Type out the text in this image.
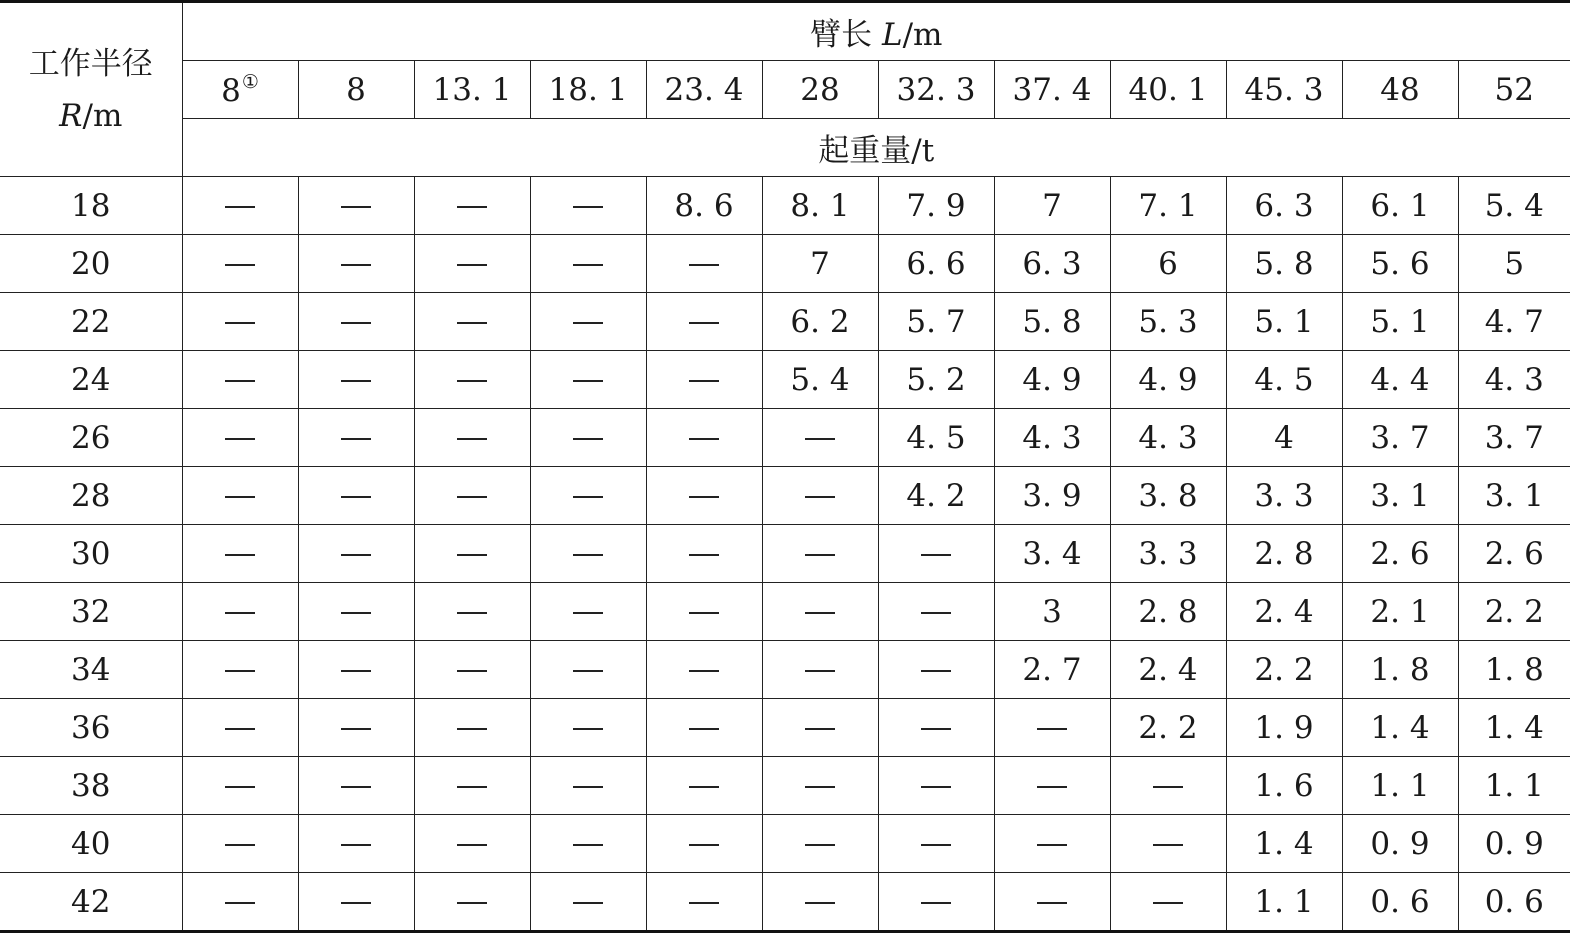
工作半径
R/m	臂长 L/m											
	8①	8	13. 1	18. 1	23. 4	28	32. 3	37. 4	40. 1	45. 3	48	52
	起重量/t											
18					8. 6	8. 1	7. 9	7	7. 1	6. 3	6. 1	5. 4
20						7	6. 6	6. 3	6	5. 8	5. 6	5
22						6. 2	5. 7	5. 8	5. 3	5. 1	5. 1	4. 7
24						5. 4	5. 2	4. 9	4. 9	4. 5	4. 4	4. 3
26							4. 5	4. 3	4. 3	4	3. 7	3. 7
28							4. 2	3. 9	3. 8	3. 3	3. 1	3. 1
30								3. 4	3. 3	2. 8	2. 6	2. 6
32								3	2. 8	2. 4	2. 1	2. 2
34								2. 7	2. 4	2. 2	1. 8	1. 8
36									2. 2	1. 9	1. 4	1. 4
38										1. 6	1. 1	1. 1
40										1. 4	0. 9	0. 9
42										1. 1	0. 6	0. 6
